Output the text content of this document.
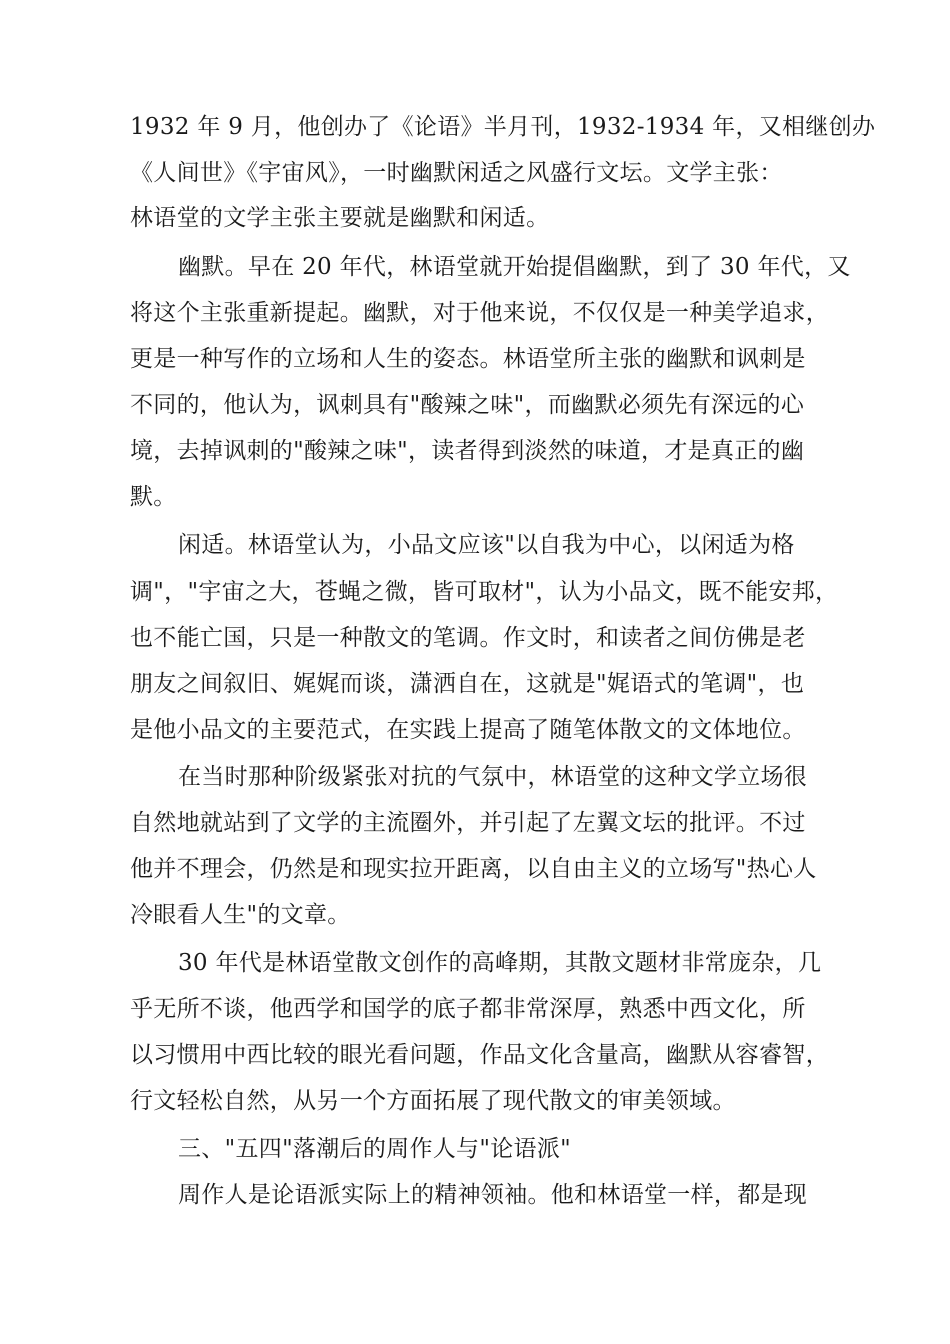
1932 年 9 月，他创办了《论语》半月刊，1932-1934 年，又相继创办
《人间世》《宇宙风》，一时幽默闲适之风盛行文坛。文学主张：
林语堂的文学主张主要就是幽默和闲适。
幽默。早在 20 年代，林语堂就开始提倡幽默，到了 30 年代，又
将这个主张重新提起。幽默，对于他来说，不仅仅是一种美学追求，
更是一种写作的立场和人生的姿态。林语堂所主张的幽默和讽刺是
不同的，他认为，讽刺具有"酸辣之味"，而幽默必须先有深远的心
境，去掉讽刺的"酸辣之味"，读者得到淡然的味道，才是真正的幽
默。
闲适。林语堂认为，小品文应该"以自我为中心，以闲适为格
调"，"宇宙之大，苍蝇之微，皆可取材"，认为小品文，既不能安邦，
也不能亡国，只是一种散文的笔调。作文时，和读者之间仿佛是老
朋友之间叙旧、娓娓而谈，潇洒自在，这就是"娓语式的笔调"，也
是他小品文的主要范式，在实践上提高了随笔体散文的文体地位。
在当时那种阶级紧张对抗的气氛中，林语堂的这种文学立场很
自然地就站到了文学的主流圈外，并引起了左翼文坛的批评。不过
他并不理会，仍然是和现实拉开距离，以自由主义的立场写"热心人
冷眼看人生"的文章。
30 年代是林语堂散文创作的高峰期，其散文题材非常庞杂，几
乎无所不谈，他西学和国学的底子都非常深厚，熟悉中西文化，所
以习惯用中西比较的眼光看问题，作品文化含量高，幽默从容睿智，
行文轻松自然，从另一个方面拓展了现代散文的审美领域。
三、"五四"落潮后的周作人与"论语派"
周作人是论语派实际上的精神领袖。他和林语堂一样，都是现
